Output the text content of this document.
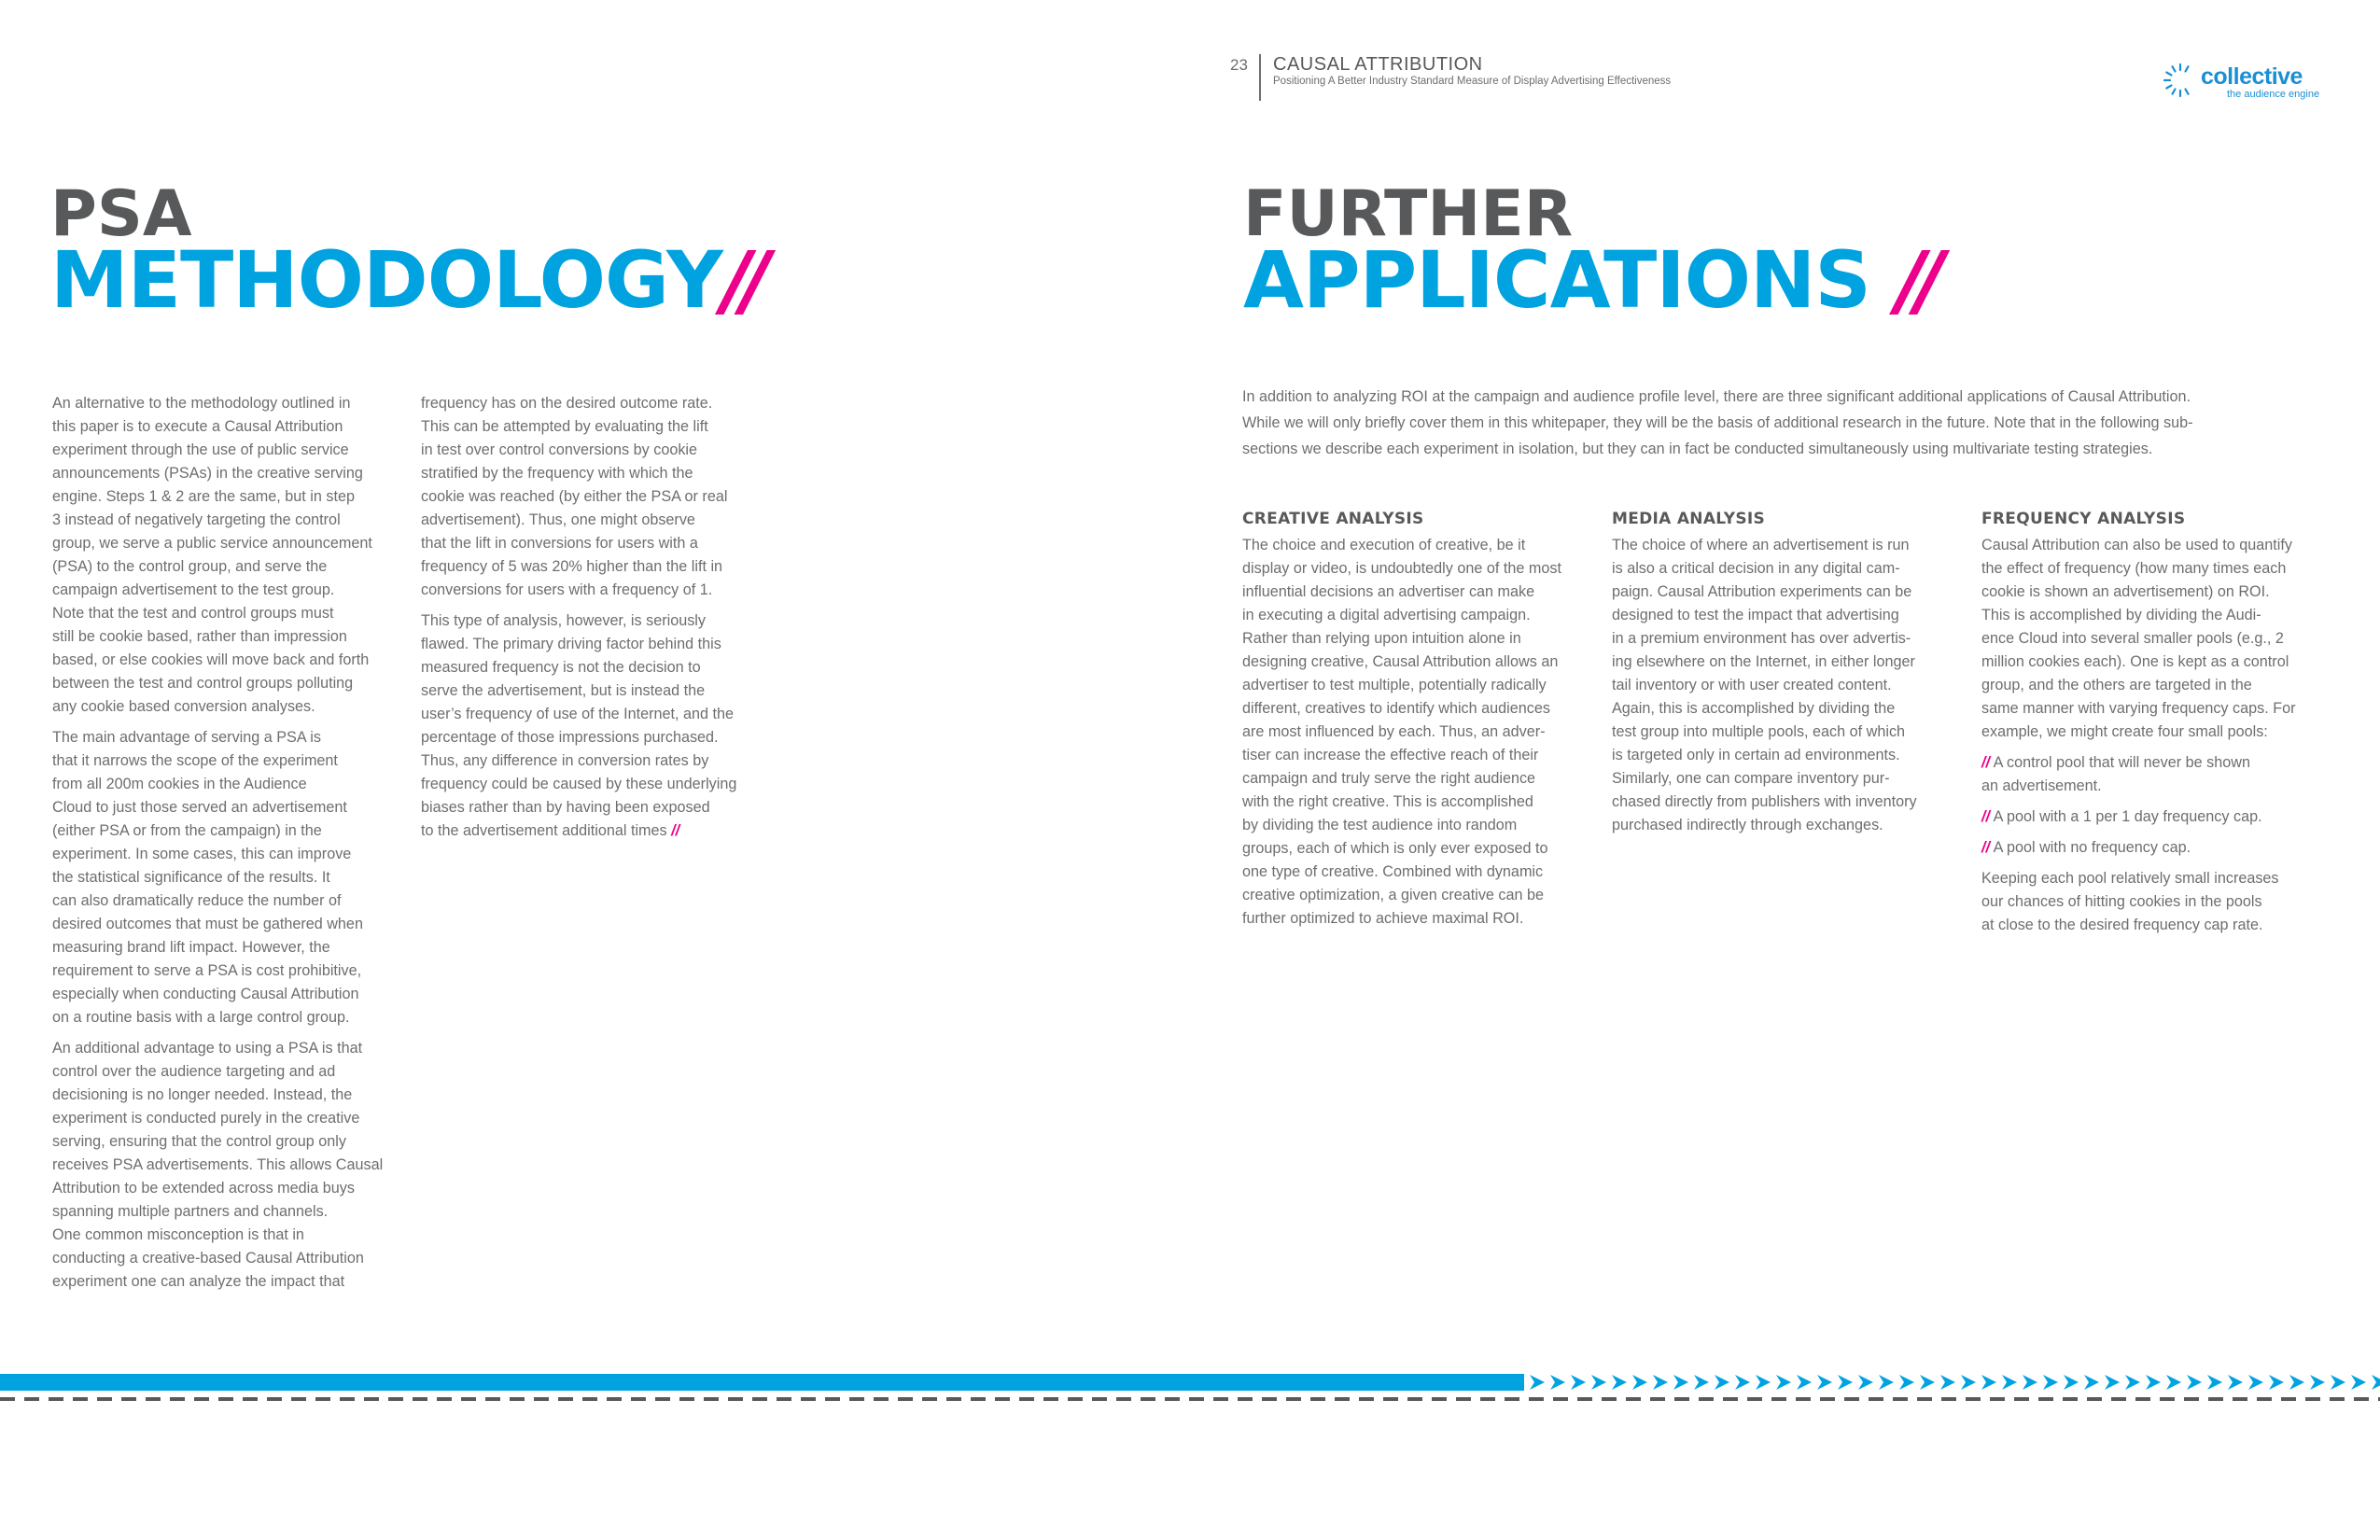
23 CAUSAL ATTRIBUTION
Positioning A Better Industry Standard Measure of Display Advertising Effectiveness	collective
the audience engine
PSA
METHODOLOGY//

An alternative to the methodology outlined in
this paper is to execute a Causal Attribution
experiment through the use of public service
announcements (PSAs) in the creative serving
engine. Steps 1 & 2 are the same, but in step
3 instead of negatively targeting the control
group, we serve a public service announcement
(PSA) to the control group, and serve the
campaign advertisement to the test group.
Note that the test and control groups must
still be cookie based, rather than impression
based, or else cookies will move back and forth
between the test and control groups polluting
any cookie based conversion analyses.

The main advantage of serving a PSA is
that it narrows the scope of the experiment
from all 200m cookies in the Audience
Cloud to just those served an advertisement
(either PSA or from the campaign) in the
experiment. In some cases, this can improve
the statistical significance of the results. It
can also dramatically reduce the number of
desired outcomes that must be gathered when
measuring brand lift impact. However, the
requirement to serve a PSA is cost prohibitive,
especially when conducting Causal Attribution
on a routine basis with a large control group.

An additional advantage to using a PSA is that
control over the audience targeting and ad
decisioning is no longer needed. Instead, the
experiment is conducted purely in the creative
serving, ensuring that the control group only
receives PSA advertisements. This allows Causal
Attribution to be extended across media buys
spanning multiple partners and channels.
One common misconception is that in
conducting a creative-based Causal Attribution
experiment one can analyze the impact that

frequency has on the desired outcome rate.
This can be attempted by evaluating the lift
in test over control conversions by cookie
stratified by the frequency with which the
cookie was reached (by either the PSA or real
advertisement). Thus, one might observe
that the lift in conversions for users with a
frequency of 5 was 20% higher than the lift in
conversions for users with a frequency of 1.

This type of analysis, however, is seriously
flawed. The primary driving factor behind this
measured frequency is not the decision to
serve the advertisement, but is instead the
user’s frequency of use of the Internet, and the
percentage of those impressions purchased.
Thus, any difference in conversion rates by
frequency could be caused by these underlying
biases rather than by having been exposed
to the advertisement additional times //

FURTHER
APPLICATIONS //
In addition to analyzing ROI at the campaign and audience profile level, there are three significant additional applications of Causal Attribution.
While we will only briefly cover them in this whitepaper, they will be the basis of additional research in the future. Note that in the following sub-
sections we describe each experiment in isolation, but they can in fact be conducted simultaneously using multivariate testing strategies.
CREATIVE ANALYSIS
The choice and execution of creative, be it
display or video, is undoubtedly one of the most
influential decisions an advertiser can make
in executing a digital advertising campaign.
Rather than relying upon intuition alone in
designing creative, Causal Attribution allows an
advertiser to test multiple, potentially radically
different, creatives to identify which audiences
are most influenced by each. Thus, an adver-
tiser can increase the effective reach of their
campaign and truly serve the right audience
with the right creative. This is accomplished
by dividing the test audience into random
groups, each of which is only ever exposed to
one type of creative. Combined with dynamic
creative optimization, a given creative can be
further optimized to achieve maximal ROI.
MEDIA ANALYSIS
The choice of where an advertisement is run
is also a critical decision in any digital cam-
paign. Causal Attribution experiments can be
designed to test the impact that advertising
in a premium environment has over advertis-
ing elsewhere on the Internet, in either longer
tail inventory or with user created content.
Again, this is accomplished by dividing the
test group into multiple pools, each of which
is targeted only in certain ad environments.
Similarly, one can compare inventory pur-
chased directly from publishers with inventory
purchased indirectly through exchanges.
FREQUENCY ANALYSIS

Causal Attribution can also be used to quantify
the effect of frequency (how many times each
cookie is shown an advertisement) on ROI.
This is accomplished by dividing the Audi-
ence Cloud into several smaller pools (e.g., 2
million cookies each). One is kept as a control
group, and the others are targeted in the
same manner with varying frequency caps. For
example, we might create four small pools:

// A control pool that will never be shown
an advertisement.

// A pool with a 1 per 1 day frequency cap.

// A pool with no frequency cap.

Keeping each pool relatively small increases
our chances of hitting cookies in the pools
at close to the desired frequency cap rate.
